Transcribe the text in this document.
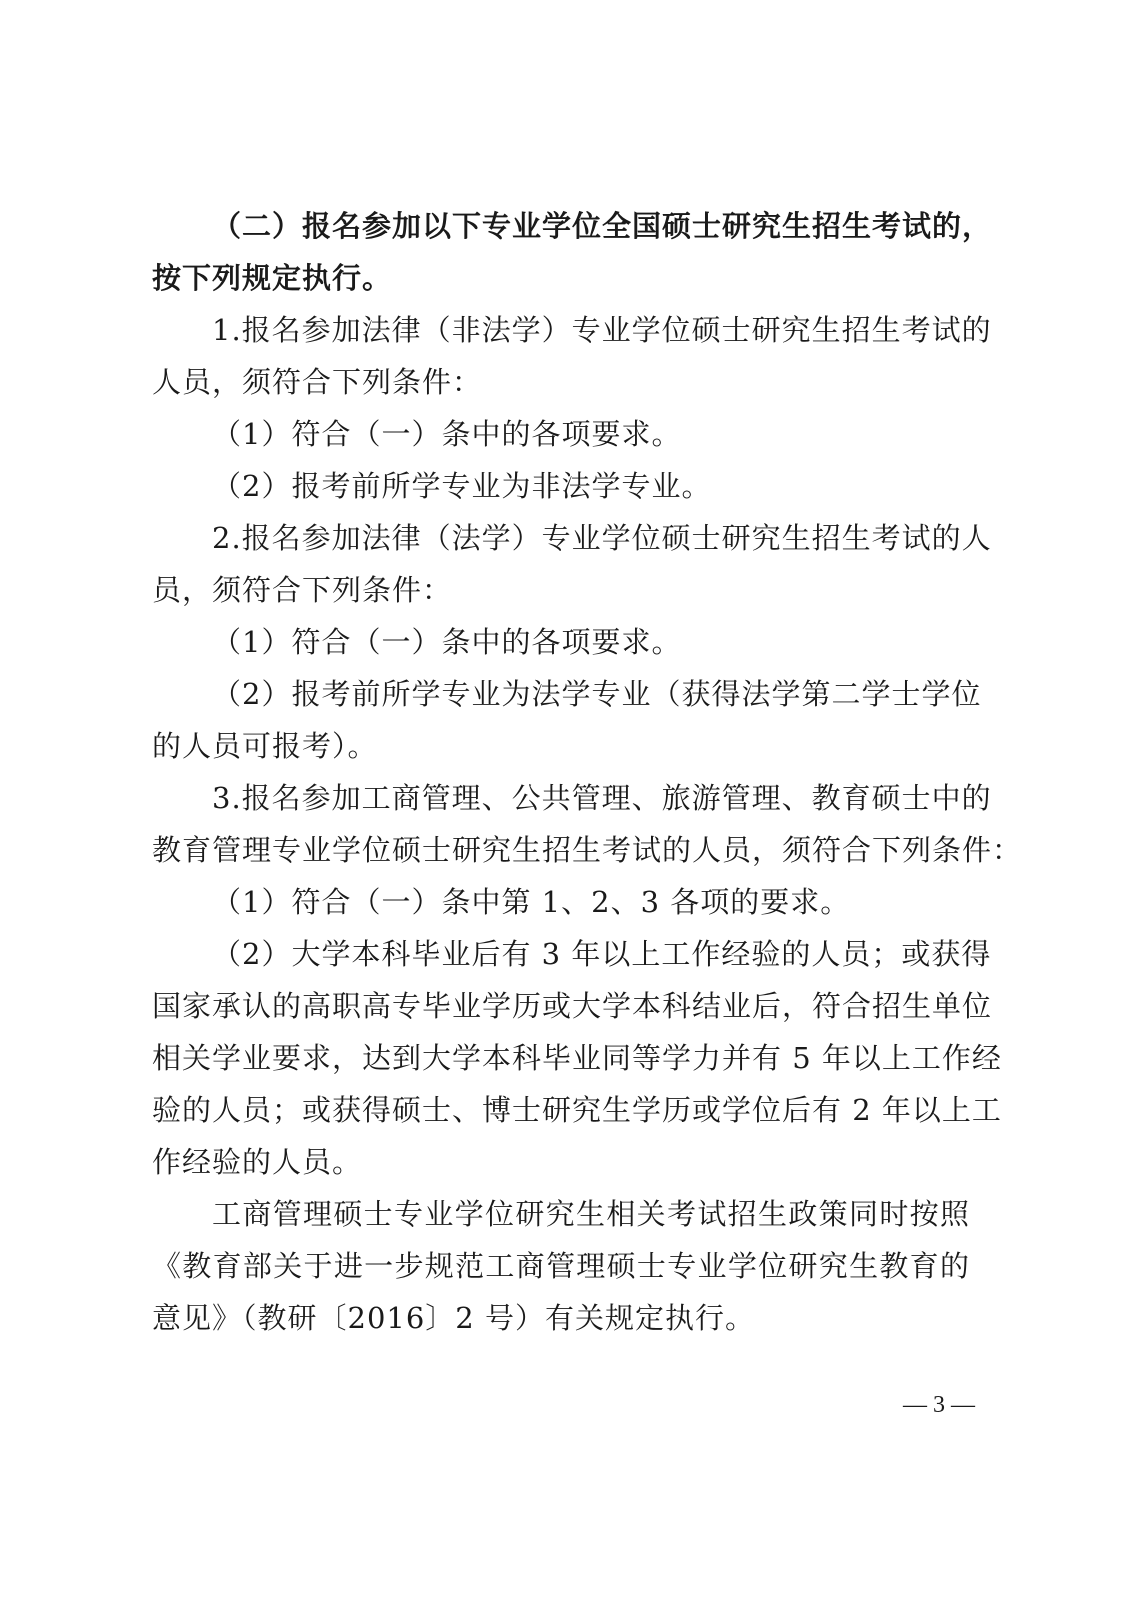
（二）报名参加以下专业学位全国硕士研究生招生考试的，
按下列规定执行。
1.报名参加法律（非法学）专业学位硕士研究生招生考试的
人员，须符合下列条件：
（1）符合（一）条中的各项要求。
（2）报考前所学专业为非法学专业。
2.报名参加法律（法学）专业学位硕士研究生招生考试的人
员，须符合下列条件：
（1）符合（一）条中的各项要求。
（2）报考前所学专业为法学专业（获得法学第二学士学位
的人员可报考）。
3.报名参加工商管理、公共管理、旅游管理、教育硕士中的
教育管理专业学位硕士研究生招生考试的人员，须符合下列条件：
（1）符合（一）条中第 1、2、3 各项的要求。
（2）大学本科毕业后有 3 年以上工作经验的人员；或获得
国家承认的高职高专毕业学历或大学本科结业后，符合招生单位
相关学业要求，达到大学本科毕业同等学力并有 5 年以上工作经
验的人员；或获得硕士、博士研究生学历或学位后有 2 年以上工
作经验的人员。
工商管理硕士专业学位研究生相关考试招生政策同时按照
《教育部关于进一步规范工商管理硕士专业学位研究生教育的
意见》（教研〔2016〕2 号）有关规定执行。
— 3 —
